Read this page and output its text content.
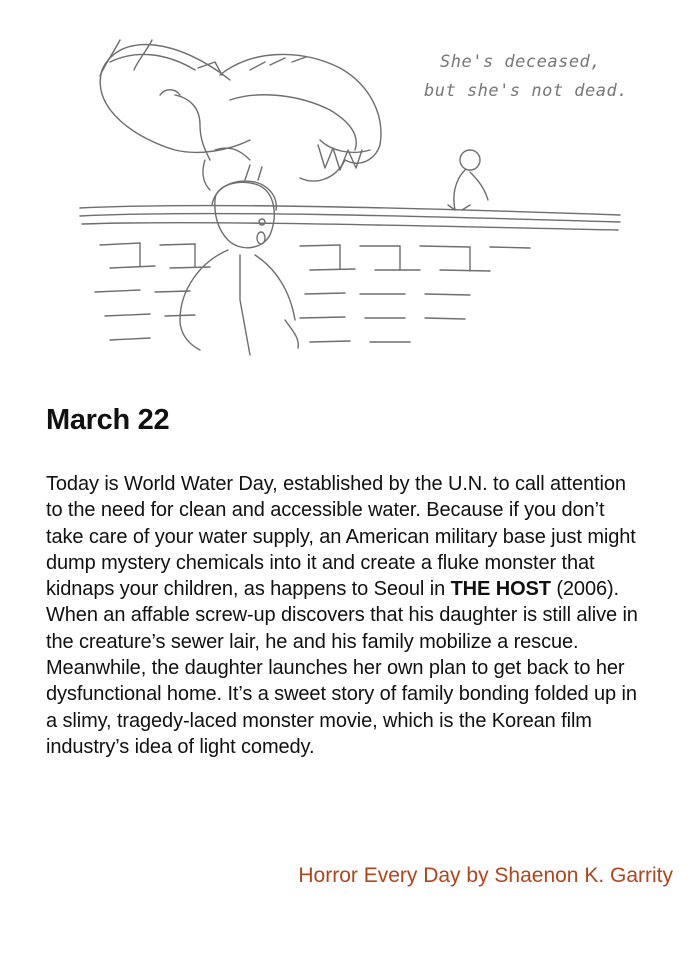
She's deceased,
but she's not dead.
March 22

Today is World Water Day, established by the U.N. to call attention to the need for clean and accessible water. Because if you don’t take care of your water supply, an American military base just might dump mystery chemicals into it and create a fluke monster that kidnaps your children, as happens to Seoul in THE HOST (2006). When an affable screw-up discovers that his daughter is still alive in the creature’s sewer lair, he and his family mobilize a rescue. Meanwhile, the daughter launches her own plan to get back to her dysfunctional home. It’s a sweet story of family bonding folded up in a slimy, tragedy-laced monster movie, which is the Korean film industry’s idea of light comedy.

Horror Every Day by Shaenon K. Garrity
